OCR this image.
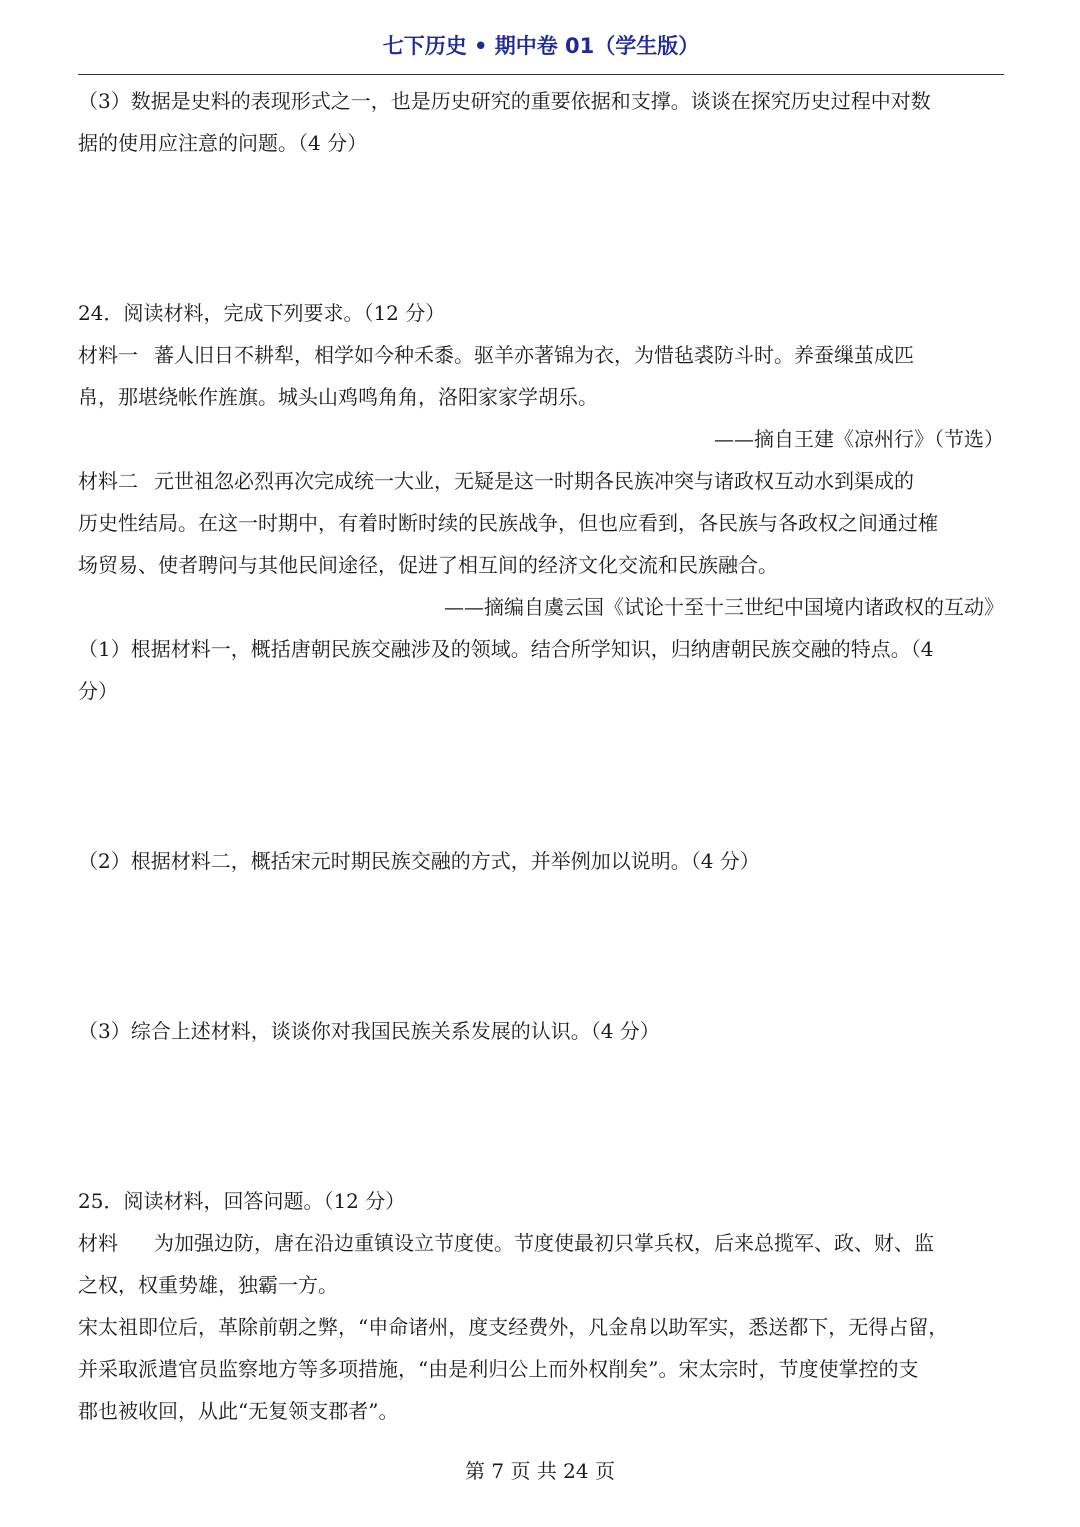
七下历史 • 期中卷 01（学生版）
（3）数据是史料的表现形式之一，也是历史研究的重要依据和支撑。谈谈在探究历史过程中对数
据的使用应注意的问题。（4 分）
24．阅读材料，完成下列要求。（12 分）
材料一 蕃人旧日不耕犁，相学如今种禾黍。驱羊亦著锦为衣，为惜毡裘防斗时。养蚕缫茧成匹
帛，那堪绕帐作旌旗。城头山鸡鸣角角，洛阳家家学胡乐。
——摘自王建《凉州行》（节选）
材料二 元世祖忽必烈再次完成统一大业，无疑是这一时期各民族冲突与诸政权互动水到渠成的
历史性结局。在这一时期中，有着时断时续的民族战争，但也应看到，各民族与各政权之间通过榷
场贸易、使者聘问与其他民间途径，促进了相互间的经济文化交流和民族融合。
——摘编自虞云国《试论十至十三世纪中国境内诸政权的互动》
（1）根据材料一，概括唐朝民族交融涉及的领域。结合所学知识，归纳唐朝民族交融的特点。（4
分）
（2）根据材料二，概括宋元时期民族交融的方式，并举例加以说明。（4 分）
（3）综合上述材料，谈谈你对我国民族关系发展的认识。（4 分）
25．阅读材料，回答问题。（12 分）
材料 为加强边防，唐在沿边重镇设立节度使。节度使最初只掌兵权，后来总揽军、政、财、监
之权，权重势雄，独霸一方。
宋太祖即位后，革除前朝之弊，“申命诸州，度支经费外，凡金帛以助军实，悉送都下，无得占留，
并采取派遣官员监察地方等多项措施，“由是利归公上而外权削矣”。宋太宗时，节度使掌控的支
郡也被收回，从此“无复领支郡者”。
第 7 页 共 24 页
